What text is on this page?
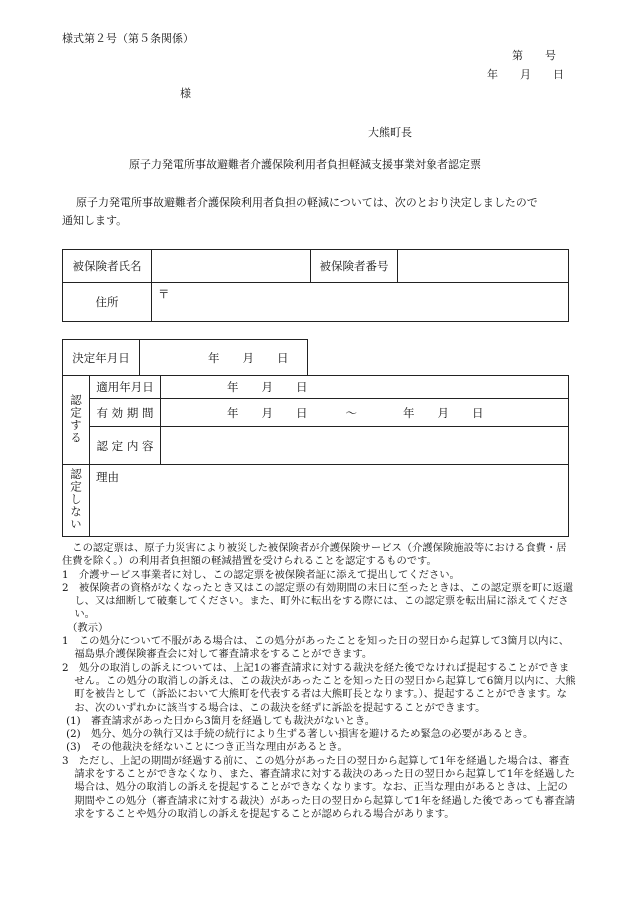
様式第２号（第５条関係）
第　　号
年　　月　　日
様
大熊町長
原子力発電所事故避難者介護保険利用者負担軽減支援事業対象者認定票
原子力発電所事故避難者介護保険利用者負担の軽減については、次のとおり決定しましたので
通知します。
被保険者氏名		被保険者番号	
住所	〒		
決定年月日	年　　月　　日
認定する	適用年月日	年　　月　　日
	有 効 期 間	年　　月　　日 ～ 年　　月　　日
	認 定 内 容	
認定しない	理由

この認定票は、原子力災害により被災した被保険者が介護保険サービス（介護保険施設等における食費・居住費を除く。）の利用者負担額の軽減措置を受けられることを認定するものです。

1　介護サービス事業者に対し、この認定票を被保険者証に添えて提出してください。

2　被保険者の資格がなくなったとき又はこの認定票の有効期間の末日に至ったときは、この認定票を町に返還し、又は細断して破棄してください。また、町外に転出をする際には、この認定票を転出届に添えてください。

（教示）

1　この処分について不服がある場合は、この処分があったことを知った日の翌日から起算して3箇月以内に、福島県介護保険審査会に対して審査請求をすることができます。

2　処分の取消しの訴えについては、上記1の審査請求に対する裁決を経た後でなければ提起することができません。この処分の取消しの訴えは、この裁決があったことを知った日の翌日から起算して6箇月以内に、大熊町を被告として（訴訟において大熊町を代表する者は大熊町長となります。）、提起することができます。なお、次のいずれかに該当する場合は、この裁決を経ずに訴訟を提起することができます。

(1)　審査請求があった日から3箇月を経過しても裁決がないとき。

(2)　処分、処分の執行又は手続の続行により生ずる著しい損害を避けるため緊急の必要があるとき。

(3)　その他裁決を経ないことにつき正当な理由があるとき。

3　ただし、上記の期間が経過する前に、この処分があった日の翌日から起算して1年を経過した場合は、審査請求をすることができなくなり、また、審査請求に対する裁決のあった日の翌日から起算して1年を経過した場合は、処分の取消しの訴えを提起することができなくなります。なお、正当な理由があるときは、上記の期間やこの処分（審査請求に対する裁決）があった日の翌日から起算して1年を経過した後であっても審査請求をすることや処分の取消しの訴えを提起することが認められる場合があります。
